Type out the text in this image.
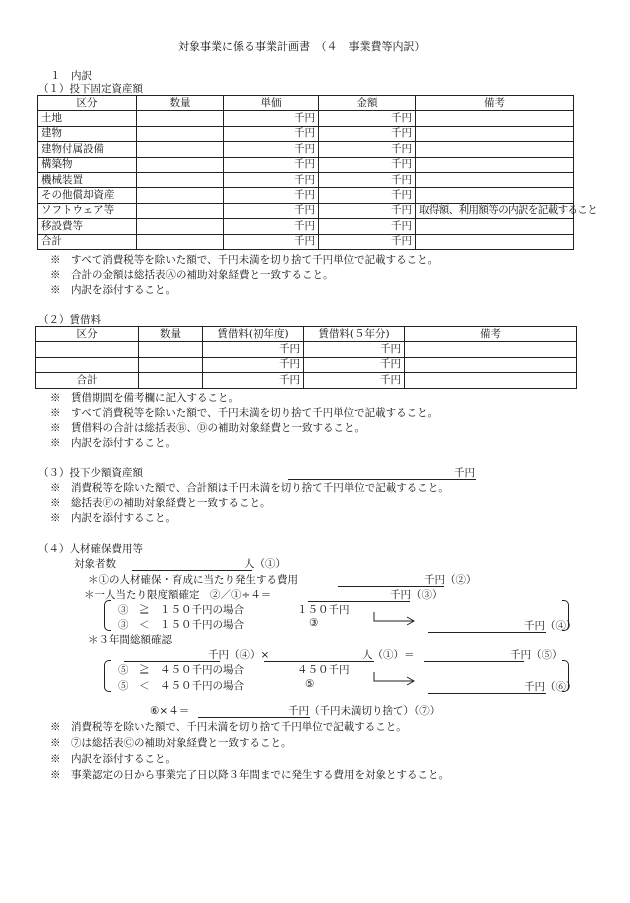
対象事業に係る事業計画書　（４　事業費等内訳）
１　内訳
（１）投下固定資産額
区分	数量	単価	金額	備考
土地		千円	千円	
建物		千円	千円	
建物付属設備		千円	千円	
構築物		千円	千円	
機械装置		千円	千円	
その他償却資産		千円	千円	
ソフトウェア等		千円	千円	取得額、利用額等の内訳を記載すること
移設費等		千円	千円	
合計		千円	千円	
※　すべて消費税等を除いた額で、千円未満を切り捨て千円単位で記載すること。
※　合計の金額は総括表Ⓐの補助対象経費と一致すること。
※　内訳を添付すること。
（２）賃借料
区分	数量	賃借料(初年度)	賃借料(５年分)	備考
		千円	千円	
		千円	千円	
合計		千円	千円	
※　賃借期間を備考欄に記入すること。
※　すべて消費税等を除いた額で、千円未満を切り捨て千円単位で記載すること。
※　賃借料の合計は総括表Ⓑ、Ⓓの補助対象経費と一致すること。
※　内訳を添付すること。
（３）投下少額資産額	千円
※　消費税等を除いた額で、合計額は千円未満を切り捨て千円単位で記載すること。
※　総括表Ⓕの補助対象経費と一致すること。
※　内訳を添付すること。
（４）人材確保費用等
対象者数	人（①）
＊①の人材確保・育成に当たり発生する費用	千円（②）
＊一人当たり限度額確定　②／①÷４＝	千円（③）
③　≧　１５０千円の場合	１５０千円
③　＜　１５０千円の場合	③	千円（④）
＊３年間総額確認
千円（④）×	人（①）＝	千円（⑤）
⑤　≧　４５０千円の場合	４５０千円
⑤　＜　４５０千円の場合	⑤	千円（⑥）
⑥×４＝	千円（千円未満切り捨て）（⑦）
※　消費税等を除いた額で、千円未満を切り捨て千円単位で記載すること。
※　⑦は総括表Ⓒの補助対象経費と一致すること。
※　内訳を添付すること。
※　事業認定の日から事業完了日以降３年間までに発生する費用を対象とすること。
